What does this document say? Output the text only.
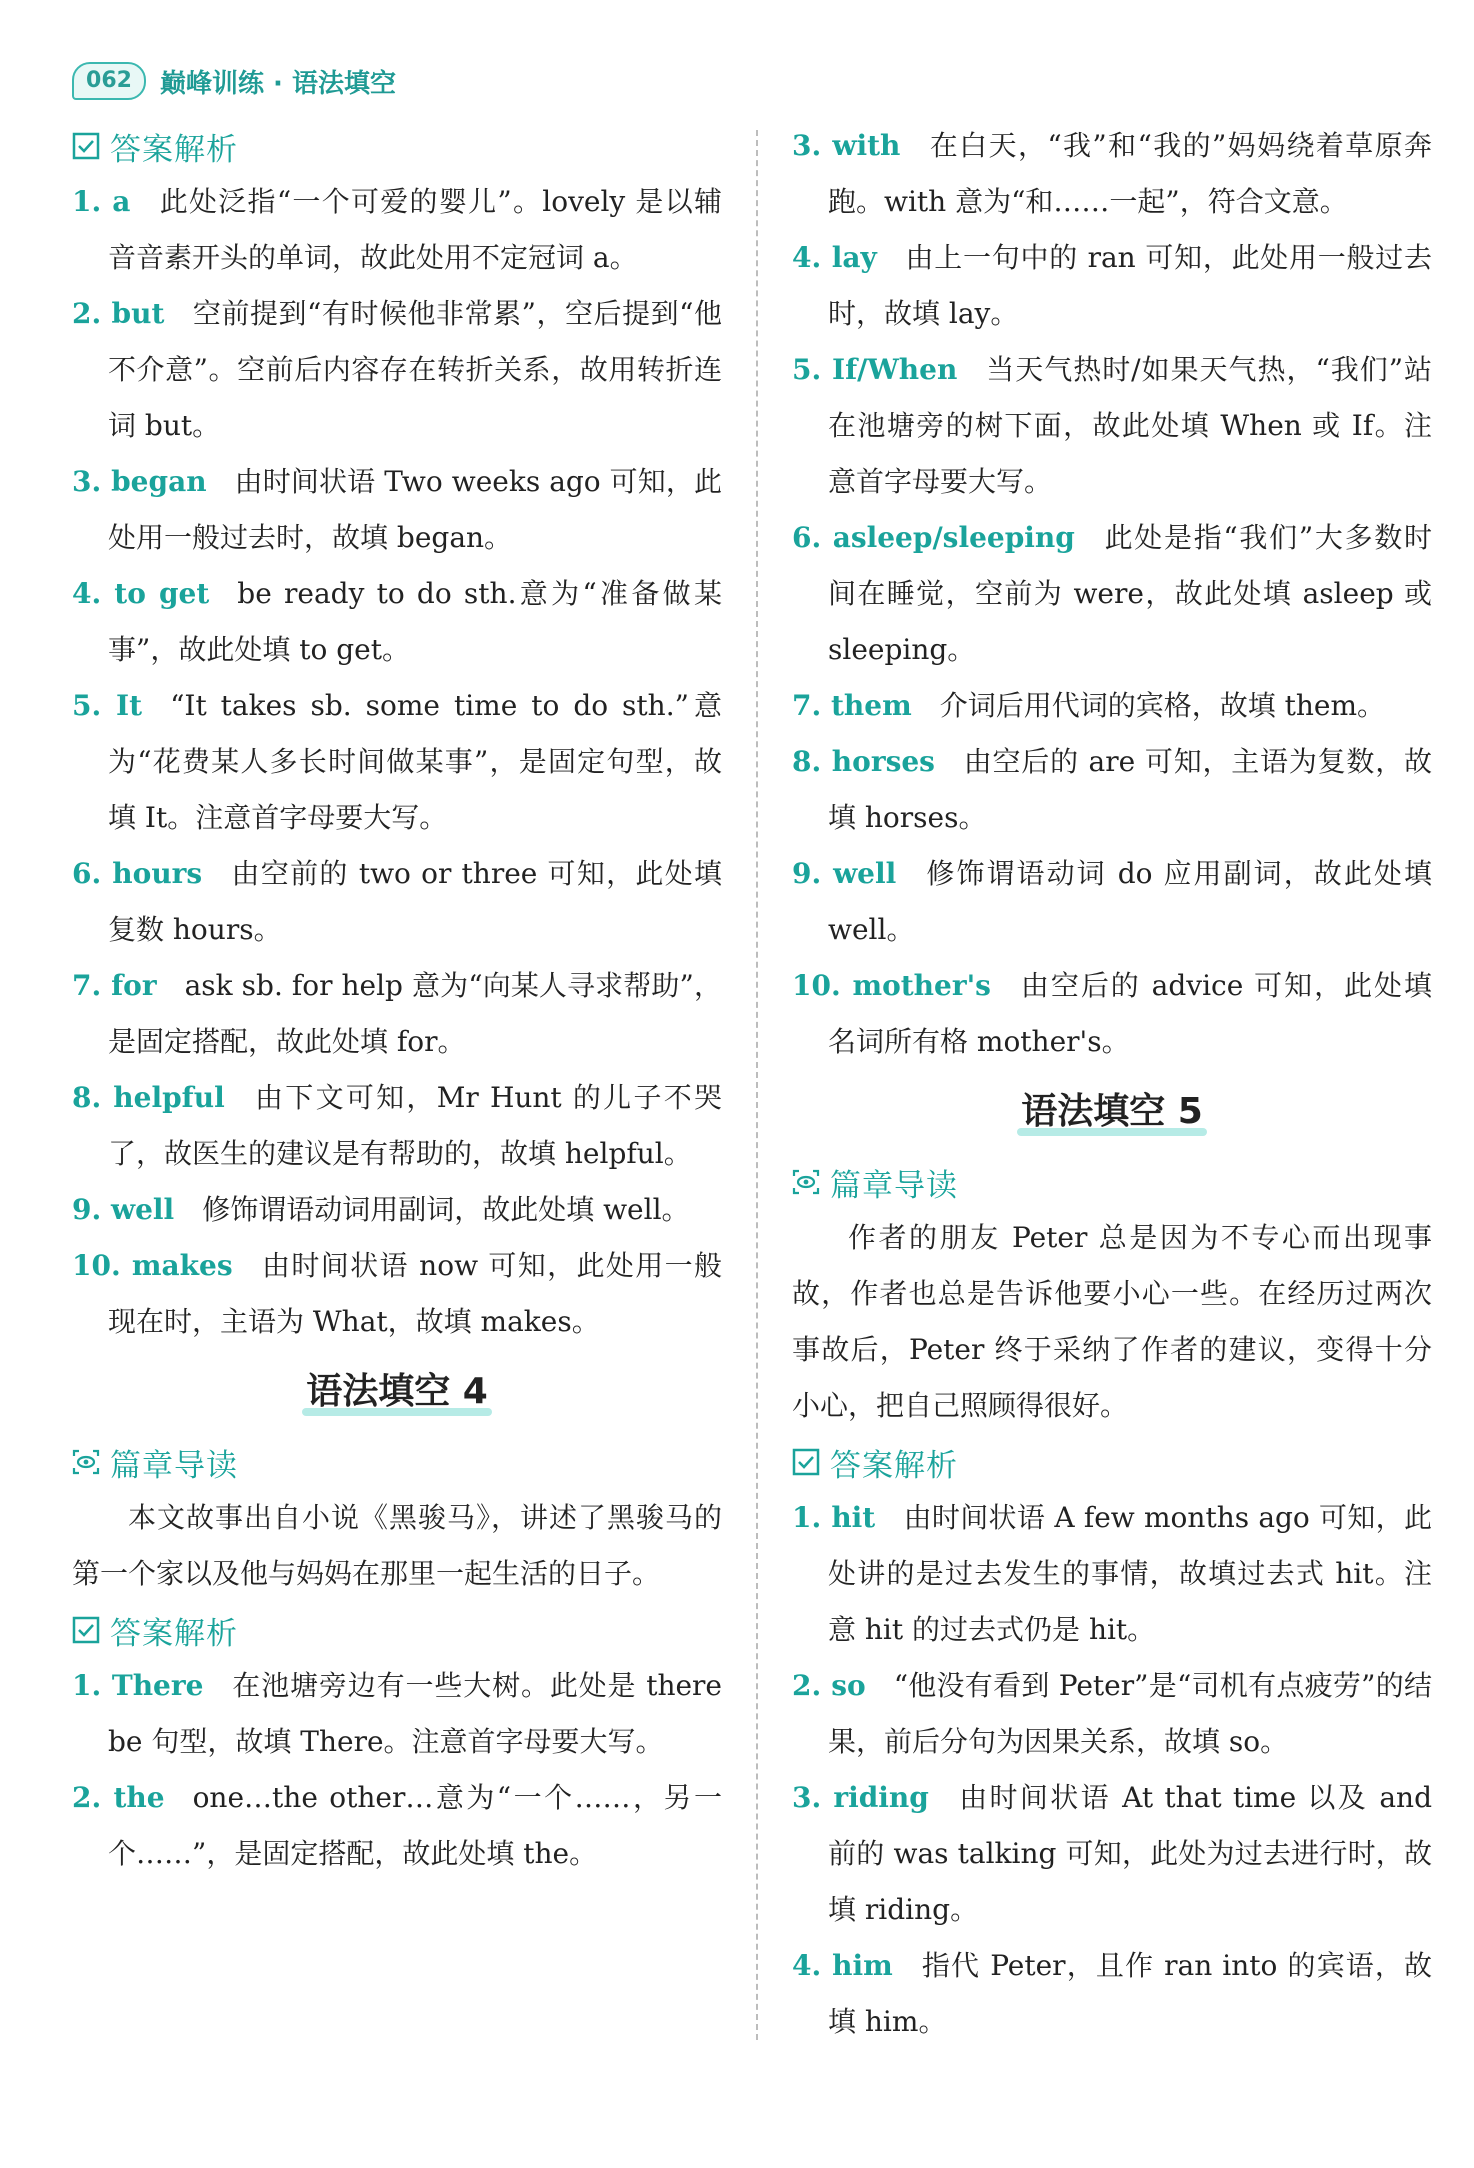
062	巅峰训练 · 语法填空
答案解析
1. a 此处泛指“一个可爱的婴儿”。lovely 是以辅音音素开头的单词，故此处用不定冠词 a。
2. but 空前提到“有时候他非常累”，空后提到“他不介意”。空前后内容存在转折关系，故用转折连词 but。
3. began 由时间状语 Two weeks ago 可知，此处用一般过去时，故填 began。
4. to get be ready to do sth.意为“准备做某事”，故此处填 to get。
5. It “It takes sb. some time to do sth.”意为“花费某人多长时间做某事”，是固定句型，故填 It。注意首字母要大写。
6. hours 由空前的 two or three 可知，此处填复数 hours。
7. for ask sb. for help 意为“向某人寻求帮助”，是固定搭配，故此处填 for。
8. helpful 由下文可知，Mr Hunt 的儿子不哭了，故医生的建议是有帮助的，故填 helpful。
9. well 修饰谓语动词用副词，故此处填 well。
10. makes 由时间状语 now 可知，此处用一般现在时，主语为 What，故填 makes。
语法填空 4
篇章导读
本文故事出自小说《黑骏马》，讲述了黑骏马的第一个家以及他与妈妈在那里一起生活的日子。
答案解析
1. There 在池塘旁边有一些大树。此处是 there be 句型，故填 There。注意首字母要大写。
2. the one…the other…意为“一个……，另一个……”，是固定搭配，故此处填 the。
3. with 在白天，“我”和“我的”妈妈绕着草原奔跑。with 意为“和……一起”，符合文意。
4. lay 由上一句中的 ran 可知，此处用一般过去时，故填 lay。
5. If/When 当天气热时/如果天气热，“我们”站在池塘旁的树下面，故此处填 When 或 If。注意首字母要大写。
6. asleep/sleeping 此处是指“我们”大多数时间在睡觉，空前为 were，故此处填 asleep 或 sleeping。
7. them 介词后用代词的宾格，故填 them。
8. horses 由空后的 are 可知，主语为复数，故填 horses。
9. well 修饰谓语动词 do 应用副词，故此处填 well。
10. mother's 由空后的 advice 可知，此处填名词所有格 mother's。
语法填空 5
篇章导读
作者的朋友 Peter 总是因为不专心而出现事故，作者也总是告诉他要小心一些。在经历过两次事故后，Peter 终于采纳了作者的建议，变得十分小心，把自己照顾得很好。
答案解析
1. hit 由时间状语 A few months ago 可知，此处讲的是过去发生的事情，故填过去式 hit。注意 hit 的过去式仍是 hit。
2. so “他没有看到 Peter”是“司机有点疲劳”的结果，前后分句为因果关系，故填 so。
3. riding 由时间状语 At that time 以及 and 前的 was talking 可知，此处为过去进行时，故填 riding。
4. him 指代 Peter，且作 ran into 的宾语，故填 him。
